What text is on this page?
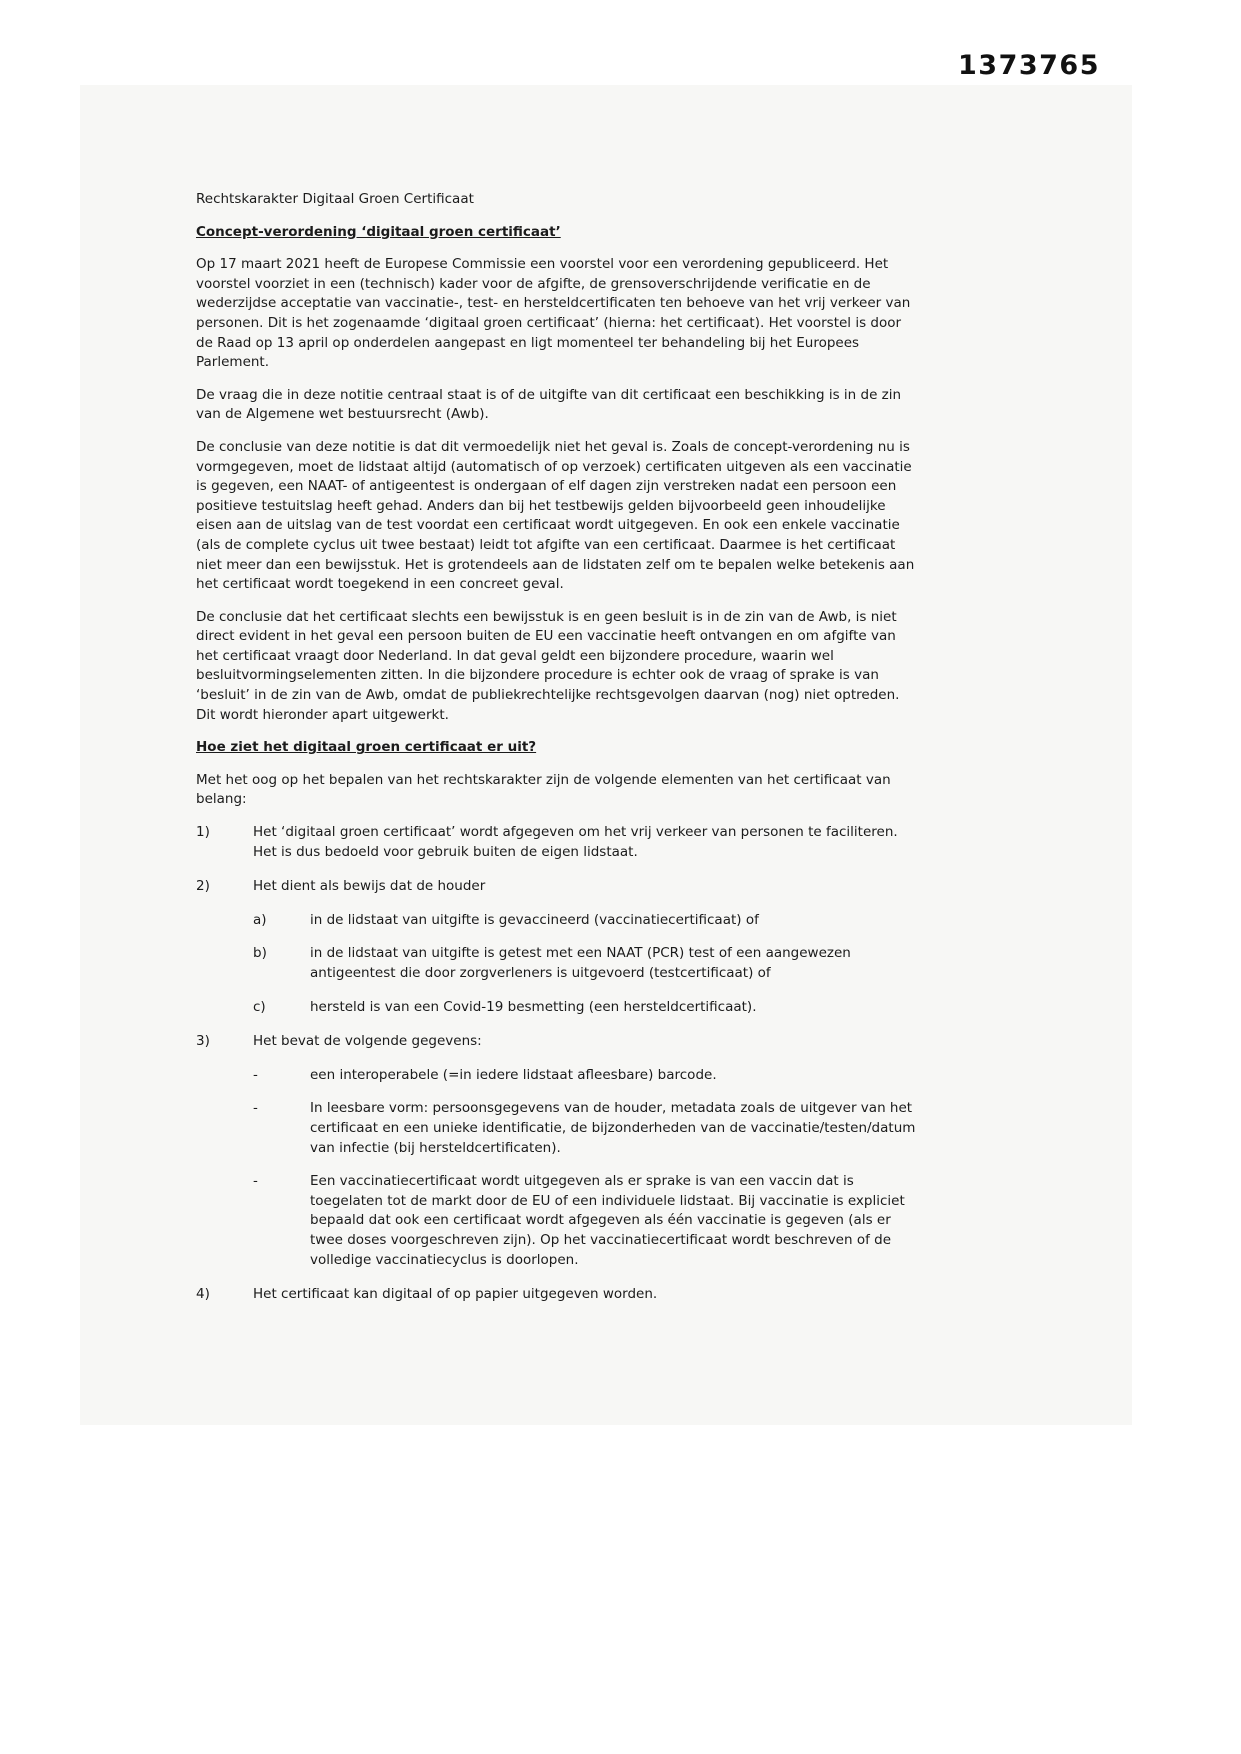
1373765

Rechtskarakter Digitaal Groen Certificaat

Concept-verordening ‘digitaal groen certificaat’

Op 17 maart 2021 heeft de Europese Commissie een voorstel voor een verordening gepubliceerd. Het voorstel voorziet in een (technisch) kader voor de afgifte, de grensoverschrijdende verificatie en de wederzijdse acceptatie van vaccinatie-, test- en hersteldcertificaten ten behoeve van het vrij verkeer van personen. Dit is het zogenaamde ‘digitaal groen certificaat’ (hierna: het certificaat). Het voorstel is door de Raad op 13 april op onderdelen aangepast en ligt momenteel ter behandeling bij het Europees Parlement.

De vraag die in deze notitie centraal staat is of de uitgifte van dit certificaat een beschikking is in de zin van de Algemene wet bestuursrecht (Awb).

De conclusie van deze notitie is dat dit vermoedelijk niet het geval is. Zoals de concept-verordening nu is vormgegeven, moet de lidstaat altijd (automatisch of op verzoek) certificaten uitgeven als een vaccinatie is gegeven, een NAAT- of antigeentest is ondergaan of elf dagen zijn verstreken nadat een persoon een positieve testuitslag heeft gehad. Anders dan bij het testbewijs gelden bijvoorbeeld geen inhoudelijke eisen aan de uitslag van de test voordat een certificaat wordt uitgegeven. En ook een enkele vaccinatie (als de complete cyclus uit twee bestaat) leidt tot afgifte van een certificaat. Daarmee is het certificaat niet meer dan een bewijsstuk. Het is grotendeels aan de lidstaten zelf om te bepalen welke betekenis aan het certificaat wordt toegekend in een concreet geval.

De conclusie dat het certificaat slechts een bewijsstuk is en geen besluit is in de zin van de Awb, is niet direct evident in het geval een persoon buiten de EU een vaccinatie heeft ontvangen en om afgifte van het certificaat vraagt door Nederland. In dat geval geldt een bijzondere procedure, waarin wel besluitvormingselementen zitten. In die bijzondere procedure is echter ook de vraag of sprake is van ‘besluit’ in de zin van de Awb, omdat de publiekrechtelijke rechtsgevolgen daarvan (nog) niet optreden. Dit wordt hieronder apart uitgewerkt.

Hoe ziet het digitaal groen certificaat er uit?

Met het oog op het bepalen van het rechtskarakter zijn de volgende elementen van het certificaat van belang:

1)	Het ‘digitaal groen certificaat’ wordt afgegeven om het vrij verkeer van personen te faciliteren. Het is dus bedoeld voor gebruik buiten de eigen lidstaat.
2)	Het dient als bewijs dat de houder
a)	in de lidstaat van uitgifte is gevaccineerd (vaccinatiecertificaat) of
b)	in de lidstaat van uitgifte is getest met een NAAT (PCR) test of een aangewezen antigeentest die door zorgverleners is uitgevoerd (testcertificaat) of
c)	hersteld is van een Covid-19 besmetting (een hersteldcertificaat).
3)	Het bevat de volgende gegevens:
-	een interoperabele (=in iedere lidstaat afleesbare) barcode.
-	In leesbare vorm: persoonsgegevens van de houder, metadata zoals de uitgever van het certificaat en een unieke identificatie, de bijzonderheden van de vaccinatie/testen/datum van infectie (bij hersteldcertificaten).
-	Een vaccinatiecertificaat wordt uitgegeven als er sprake is van een vaccin dat is toegelaten tot de markt door de EU of een individuele lidstaat. Bij vaccinatie is expliciet bepaald dat ook een certificaat wordt afgegeven als één vaccinatie is gegeven (als er twee doses voorgeschreven zijn). Op het vaccinatiecertificaat wordt beschreven of de volledige vaccinatiecyclus is doorlopen.
4)	Het certificaat kan digitaal of op papier uitgegeven worden.
